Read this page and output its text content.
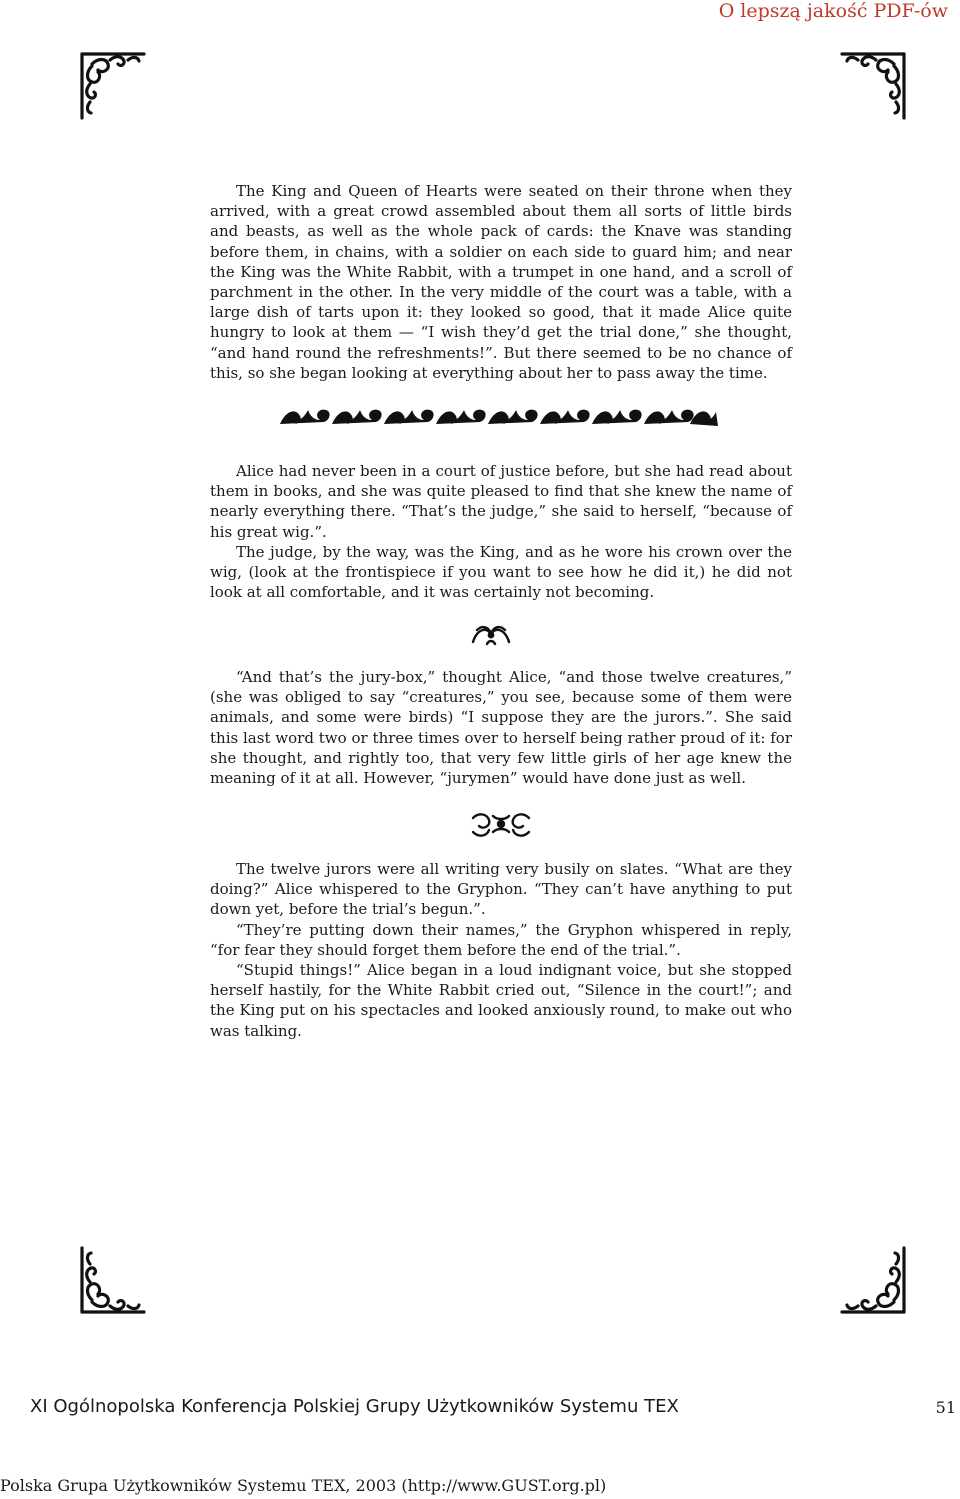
O lepszą jakość PDF-ów

The King and Queen of Hearts were seated on their throne when they arrived, with a great crowd assembled about them all sorts of little birds and beasts, as well as the whole pack of cards: the Knave was standing before them, in chains, with a soldier on each side to guard him; and near the King was the White Rabbit, with a trumpet in one hand, and a scroll of parchment in the other. In the very middle of the court was a table, with a large dish of tarts upon it: they looked so good, that it made Alice quite hungry to look at them — “I wish they’d get the trial done,” she thought, “and hand round the refreshments!”. But there seemed to be no chance of this, so she began looking at everything about her to pass away the time.

Alice had never been in a court of justice before, but she had read about them in books, and she was quite pleased to find that she knew the name of nearly everything there. “That’s the judge,” she said to herself, “because of his great wig.”.

The judge, by the way, was the King, and as he wore his crown over the wig, (look at the frontispiece if you want to see how he did it,) he did not look at all comfortable, and it was certainly not becoming.

“And that’s the jury-box,” thought Alice, “and those twelve creatures,” (she was obliged to say “creatures,” you see, because some of them were animals, and some were birds) “I suppose they are the jurors.”. She said this last word two or three times over to herself being rather proud of it: for she thought, and rightly too, that very few little girls of her age knew the meaning of it at all. However, “jurymen” would have done just as well.

The twelve jurors were all writing very busily on slates. “What are they doing?” Alice whispered to the Gryphon. “They can’t have anything to put down yet, before the trial’s begun.”.

“They’re putting down their names,” the Gryphon whispered in reply, “for fear they should forget them before the end of the trial.”.

“Stupid things!” Alice began in a loud indignant voice, but she stopped herself hastily, for the White Rabbit cried out, “Silence in the court!”; and the King put on his spectacles and looked anxiously round, to make out who was talking.

XI Ogólnopolska Konferencja Polskiej Grupy Użytkowników Systemu TEX	51
Polska Grupa Użytkowników Systemu TEX, 2003 (http://www.GUST.org.pl)
